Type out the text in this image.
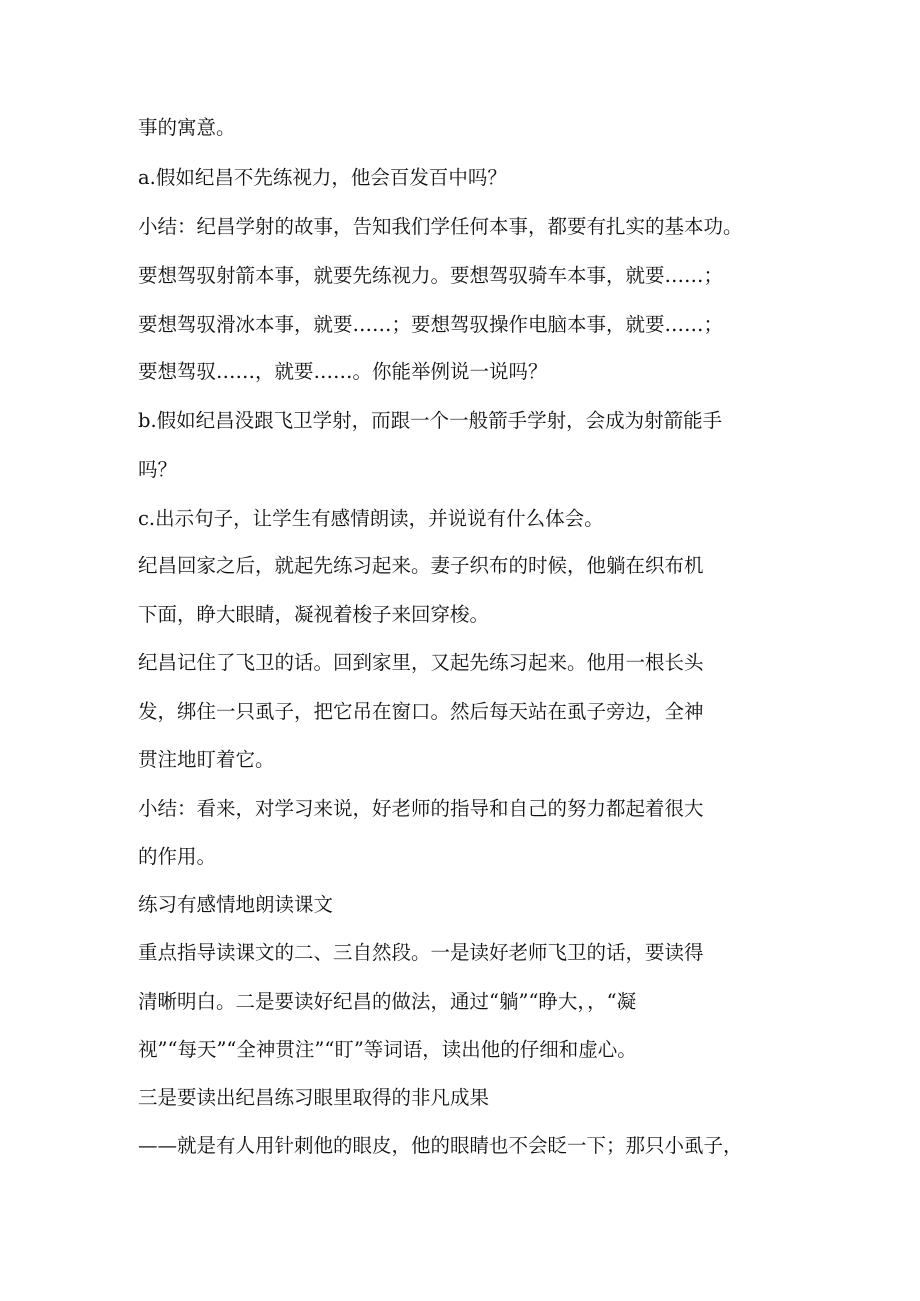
事的寓意。
a.假如纪昌不先练视力，他会百发百中吗？
小结：纪昌学射的故事，告知我们学任何本事，都要有扎实的基本功。
要想驾驭射箭本事，就要先练视力。要想驾驭骑车本事，就要……；
要想驾驭滑冰本事，就要……；要想驾驭操作电脑本事，就要……；
要想驾驭……，就要……。你能举例说一说吗？
b.假如纪昌没跟飞卫学射，而跟一个一般箭手学射，会成为射箭能手
吗？
c.出示句子，让学生有感情朗读，并说说有什么体会。
纪昌回家之后，就起先练习起来。妻子织布的时候，他躺在织布机
下面，睁大眼睛，凝视着梭子来回穿梭。
纪昌记住了飞卫的话。回到家里，又起先练习起来。他用一根长头
发，绑住一只虱子，把它吊在窗口。然后每天站在虱子旁边，全神
贯注地盯着它。
小结：看来，对学习来说，好老师的指导和自己的努力都起着很大
的作用。
练习有感情地朗读课文
重点指导读课文的二、三自然段。一是读好老师飞卫的话，要读得
清晰明白。二是要读好纪昌的做法，通过“躺”“睁大，，“凝
视”“每天”“全神贯注”“盯”等词语，读出他的仔细和虚心。
三是要读出纪昌练习眼里取得的非凡成果
——就是有人用针刺他的眼皮，他的眼睛也不会眨一下；那只小虱子，
